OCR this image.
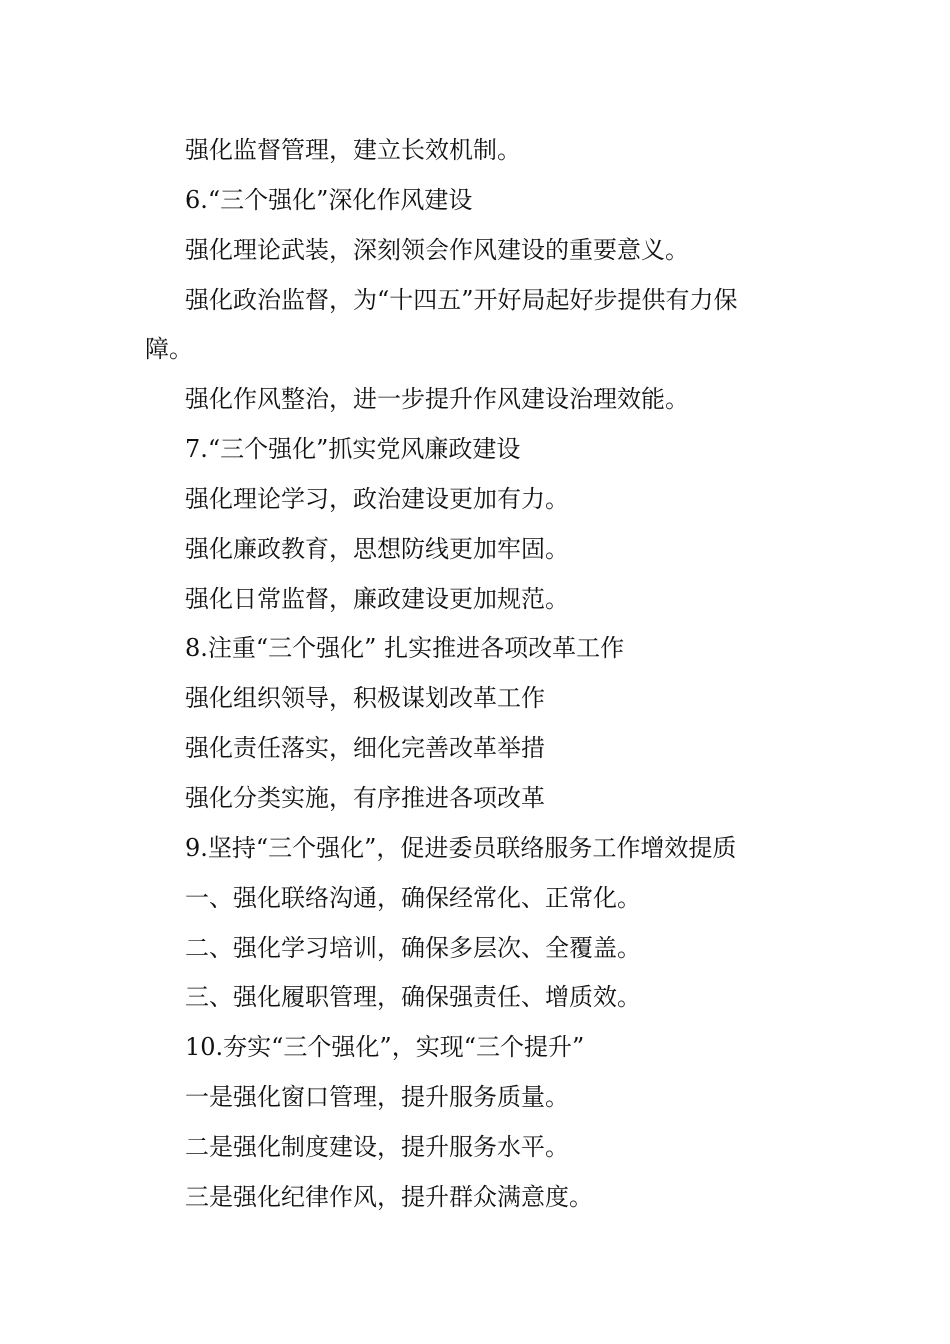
强化监督管理，建立长效机制。
6.“三个强化”深化作风建设
强化理论武装，深刻领会作风建设的重要意义。
强化政治监督，为“十四五”开好局起好步提供有力保
障。
强化作风整治，进一步提升作风建设治理效能。
7.“三个强化”抓实党风廉政建设
强化理论学习，政治建设更加有力。
强化廉政教育，思想防线更加牢固。
强化日常监督，廉政建设更加规范。
8.注重“三个强化” 扎实推进各项改革工作
强化组织领导，积极谋划改革工作
强化责任落实，细化完善改革举措
强化分类实施，有序推进各项改革
9.坚持“三个强化”，促进委员联络服务工作增效提质
一、强化联络沟通，确保经常化、正常化。
二、强化学习培训，确保多层次、全覆盖。
三、强化履职管理，确保强责任、增质效。
10.夯实“三个强化”，实现“三个提升”
一是强化窗口管理，提升服务质量。
二是强化制度建设，提升服务水平。
三是强化纪律作风，提升群众满意度。
